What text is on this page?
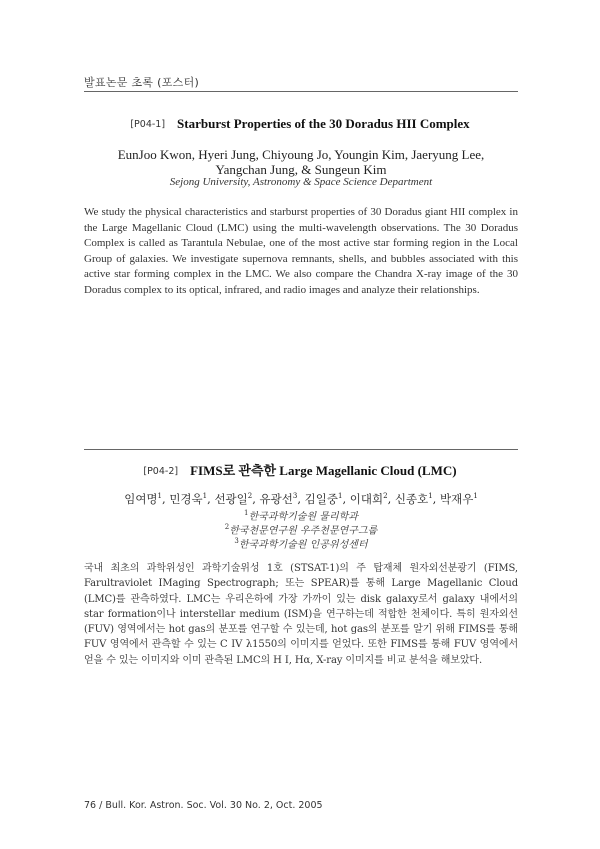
발표논문 초록 (포스터)
[P04-1] Starburst Properties of the 30 Doradus HII Complex
EunJoo Kwon, Hyeri Jung, Chiyoung Jo, Youngin Kim, Jaeryung Lee,
Yangchan Jung, & Sungeun Kim
Sejong University, Astronomy & Space Science Department

We study the physical characteristics and starburst properties of 30 Doradus giant HII complex in the Large Magellanic Cloud (LMC) using the multi-wavelength observations. The 30 Doradus Complex is called as Tarantula Nebulae, one of the most active star forming region in the Local Group of galaxies. We investigate supernova remnants, shells, and bubbles associated with this active star forming complex in the LMC. We also compare the Chandra X-ray image of the 30 Doradus complex to its optical, infrared, and radio images and analyze their relationships.

[P04-2] FIMS로 관측한 Large Magellanic Cloud (LMC)
임여명$^1$, 민경욱$^1$, 선광일$^2$, 유광선$^3$, 김일중$^1$, 이대희$^2$, 신종호$^1$, 박재우$^1$
$^1$한국과학기술원 물리학과
$^2$한국천문연구원 우주천문연구그룹
$^3$한국과학기술원 인공위성센터

국내 최초의 과학위성인 과학기술위성 1호 (STSAT-1)의 주 탑재체 원자외선분광기 (FIMS, Farultraviolet IMaging Spectrograph; 또는 SPEAR)를 통해 Large Magellanic Cloud (LMC)를 관측하였다. LMC는 우리은하에 가장 가까이 있는 disk galaxy로서 galaxy 내에서의 star formation이나 interstellar medium (ISM)을 연구하는데 적합한 천체이다. 특히 원자외선 (FUV) 영역에서는 hot gas의 분포를 연구할 수 있는데, hot gas의 분포를 알기 위해 FIMS를 통해 FUV 영역에서 관측할 수 있는 C IV λ1550의 이미지를 얻었다. 또한 FIMS를 통해 FUV 영역에서 얻을 수 있는 이미지와 이미 관측된 LMC의 H I, Hα, X-ray 이미지를 비교 분석을 해보았다.

76 / Bull. Kor. Astron. Soc. Vol. 30 No. 2, Oct. 2005
